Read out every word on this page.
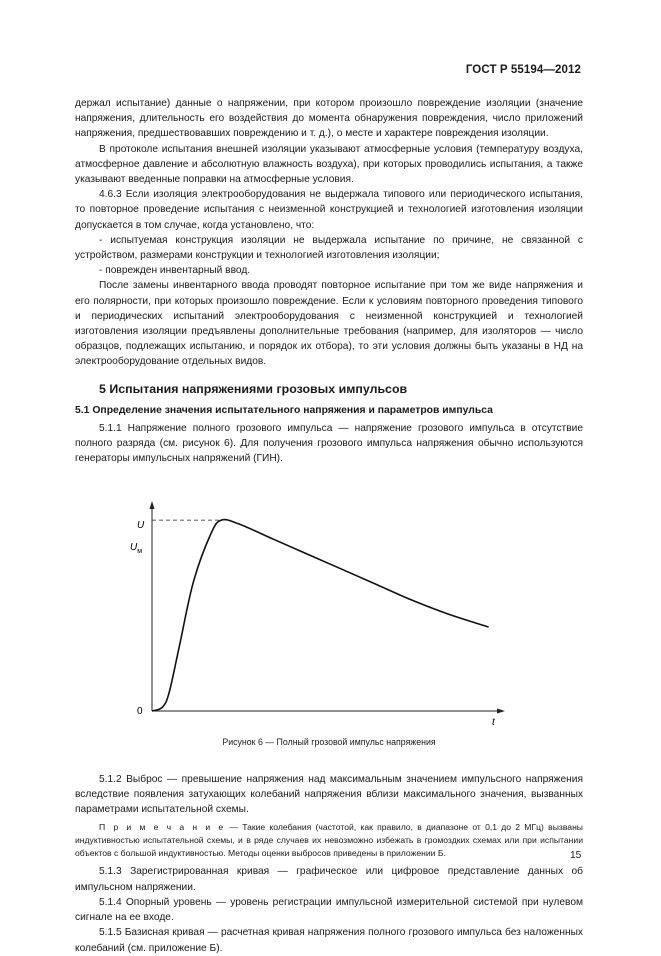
ГОСТ Р 55194—2012

держал испытание) данные о напряжении, при котором произошло повреждение изоляции (значение напряжения, длительность его воздействия до момента обнаружения повреждения, число приложений напряжения, предшествовавших повреждению и т. д.), о месте и характере повреждения изоляции.

В протоколе испытания внешней изоляции указывают атмосферные условия (температуру воздуха, атмосферное давление и абсолютную влажность воздуха), при которых проводились испытания, а также указывают введенные поправки на атмосферные условия.

4.6.3 Если изоляция электрооборудования не выдержала типового или периодического испытания, то повторное проведение испытания с неизменной конструкцией и технологией изготовления изоляции допускается в том случае, когда установлено, что:

- испытуемая конструкция изоляции не выдержала испытание по причине, не связанной с устройством, размерами конструкции и технологией изготовления изоляции;

- поврежден инвентарный ввод.

После замены инвентарного ввода проводят повторное испытание при том же виде напряжения и его полярности, при которых произошло повреждение. Если к условиям повторного проведения типового и периодических испытаний электрооборудования с неизменной конструкцией и технологией изготовления изоляции предъявлены дополнительные требования (например, для изоляторов — число образцов, подлежащих испытанию, и порядок их отбора), то эти условия должны быть указаны в НД на электрооборудование отдельных видов.

5 Испытания напряжениями грозовых импульсов

5.1 Определение значения испытательного напряжения и параметров импульса

5.1.1 Напряжение полного грозового импульса — напряжение грозового импульса в отсутствие полного разряда (см. рисунок 6). Для получения грозового импульса напряжения обычно используются генераторы импульсных напряжений (ГИН).

U
$U_м$
0
t

Рисунок 6 — Полный грозовой импульс напряжения

5.1.2 Выброс — превышение напряжения над максимальным значением импульсного напряжения вследствие появления затухающих колебаний напряжения вблизи максимального значения, вызванных параметрами испытательной схемы.

П р и м е ч а н и е — Такие колебания (частотой, как правило, в диапазоне от 0,1 до 2 МГц) вызваны индуктивностью испытательной схемы, и в ряде случаев их невозможно избежать в громоздких схемах или при испытании объектов с большой индуктивностью. Методы оценки выбросов приведены в приложении Б.

5.1.3 Зарегистрированная кривая — графическое или цифровое представление данных об импульсном напряжении.

5.1.4 Опорный уровень — уровень регистрации импульсной измерительной системой при нулевом сигнале на ее входе.

5.1.5 Базисная кривая — расчетная кривая напряжения полного грозового импульса без наложенных колебаний (см. приложение Б).

15
